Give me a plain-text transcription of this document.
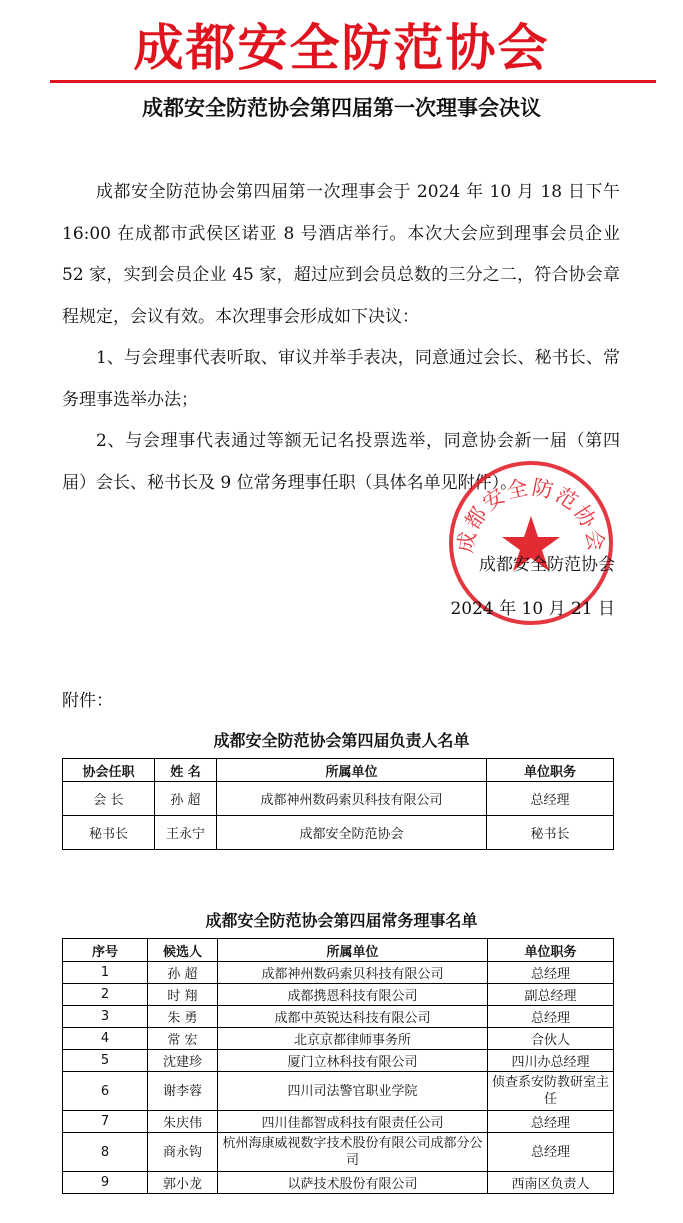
成都安全防范协会
成都安全防范协会第四届第一次理事会决议

成都安全防范协会第四届第一次理事会于 2024 年 10 月 18 日下午 16:00 在成都市武侯区诺亚 8 号酒店举行。本次大会应到理事会员企业 52 家，实到会员企业 45 家，超过应到会员总数的三分之二，符合协会章程规定，会议有效。本次理事会形成如下决议：

1、与会理事代表听取、审议并举手表决，同意通过会长、秘书长、常务理事选举办法；

2、与会理事代表通过等额无记名投票选举，同意协会新一届（第四届）会长、秘书长及 9 位常务理事任职（具体名单见附件）。

成都安全防范协会
成都安全防范协会
2024 年 10 月 21 日
附件：
成都安全防范协会第四届负责人名单
协会任职	姓 名	所属单位	单位职务
会 长	孙 超	成都神州数码索贝科技有限公司	总经理
秘书长	王永宁	成都安全防范协会	秘书长
成都安全防范协会第四届常务理事名单
序号	候选人	所属单位	单位职务
1	孙 超	成都神州数码索贝科技有限公司	总经理
2	时 翔	成都携恩科技有限公司	副总经理
3	朱 勇	成都中英锐达科技有限公司	总经理
4	常 宏	北京京都律师事务所	合伙人
5	沈建珍	厦门立林科技有限公司	四川办总经理
6	谢李蓉	四川司法警官职业学院	侦查系安防教研室主任
7	朱庆伟	四川佳都智成科技有限责任公司	总经理
8	商永钩	杭州海康威视数字技术股份有限公司成都分公司	总经理
9	郭小龙	以萨技术股份有限公司	西南区负责人
